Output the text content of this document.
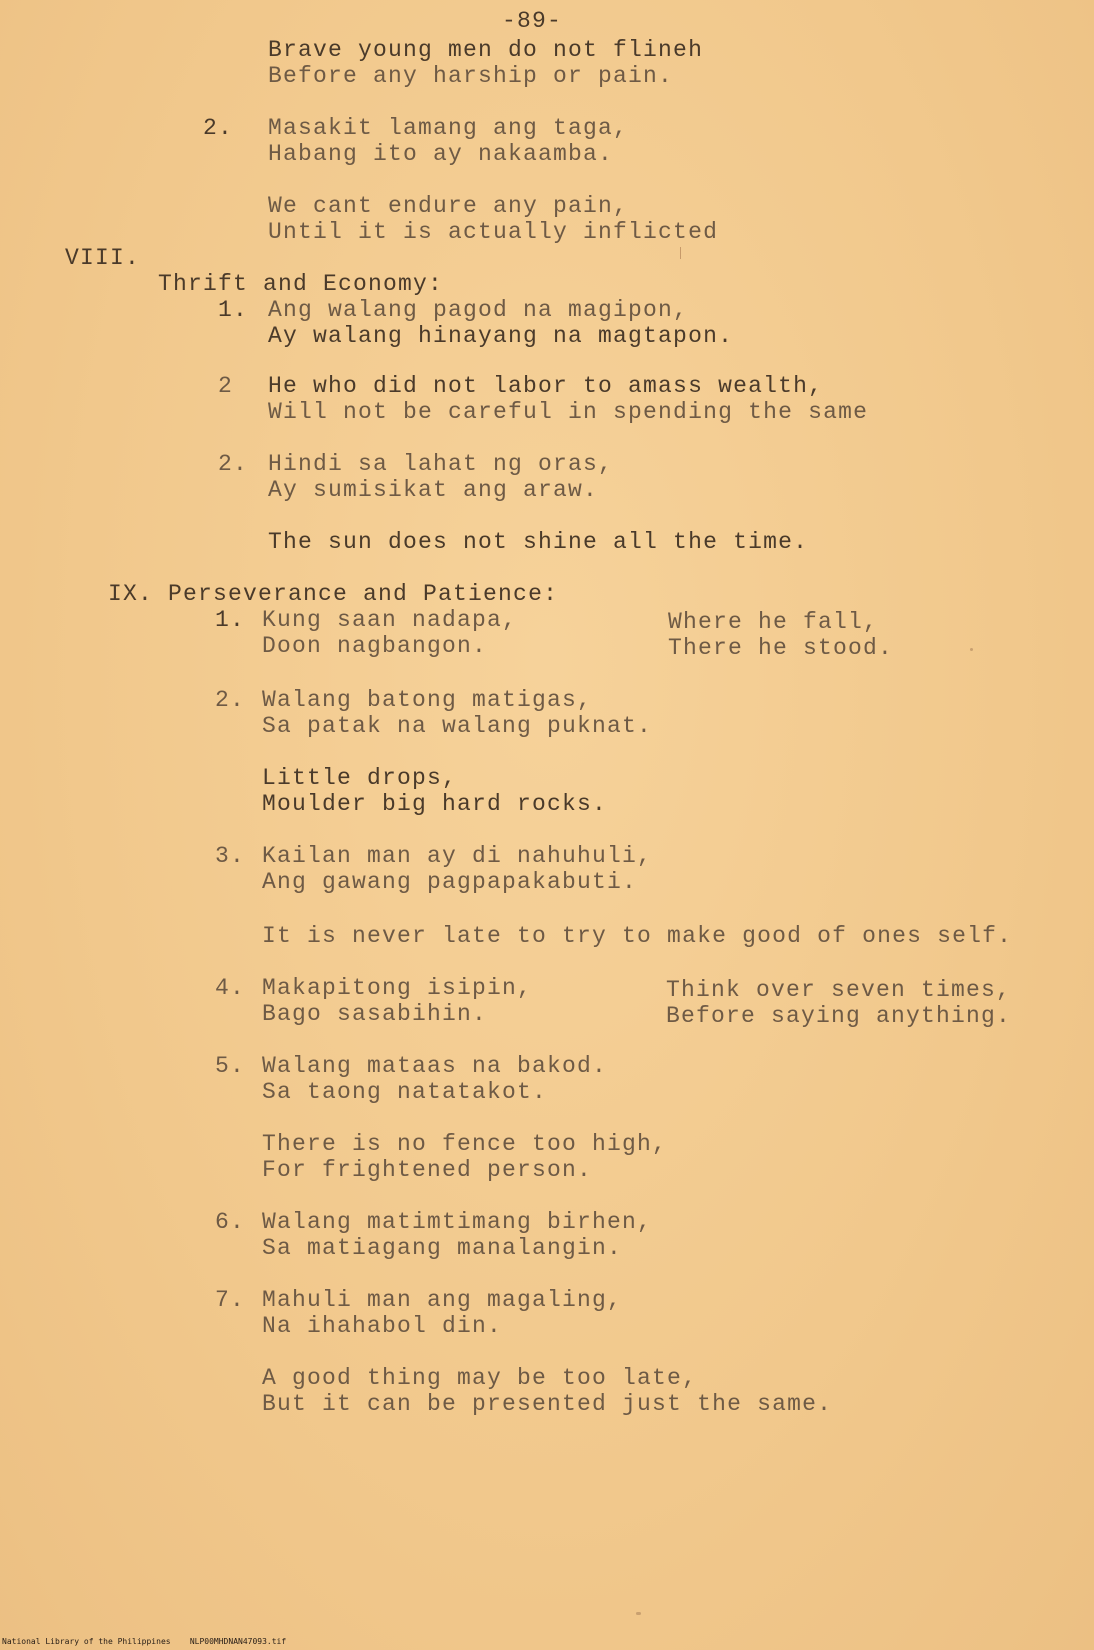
-89-
Brave young men do not flineh
Before any harship or pain.
2. Masakit lamang ang taga,
Habang ito ay nakaamba.
We cant endure any pain,
Until it is actually inflicted
VIII.
Thrift and Economy:
1. Ang walang pagod na magipon,
Ay walang hinayang na magtapon.
2 He who did not labor to amass wealth,
Will not be careful in spending the same
2. Hindi sa lahat ng oras,
Ay sumisikat ang araw.
The sun does not shine all the time.
IX. Perseverance and Patience:
1. Kung saan nadapa,
Doon nagbangon.
Where he fall,
There he stood.
2. Walang batong matigas,
Sa patak na walang puknat.
Little drops,
Moulder big hard rocks.
3. Kailan man ay di nahuhuli,
Ang gawang pagpapakabuti.
It is never late to try to make good of ones self.
4. Makapitong isipin,
Bago sasabihin.
Think over seven times,
Before saying anything.
5. Walang mataas na bakod.
Sa taong natatakot.
There is no fence too high,
For frightened person.
6. Walang matimtimang birhen,
Sa matiagang manalangin.
7. Mahuli man ang magaling,
Na ihahabol din.
A good thing may be too late,
But it can be presented just the same.
National Library of the Philippines NLP00MHDNAN47093.tif
